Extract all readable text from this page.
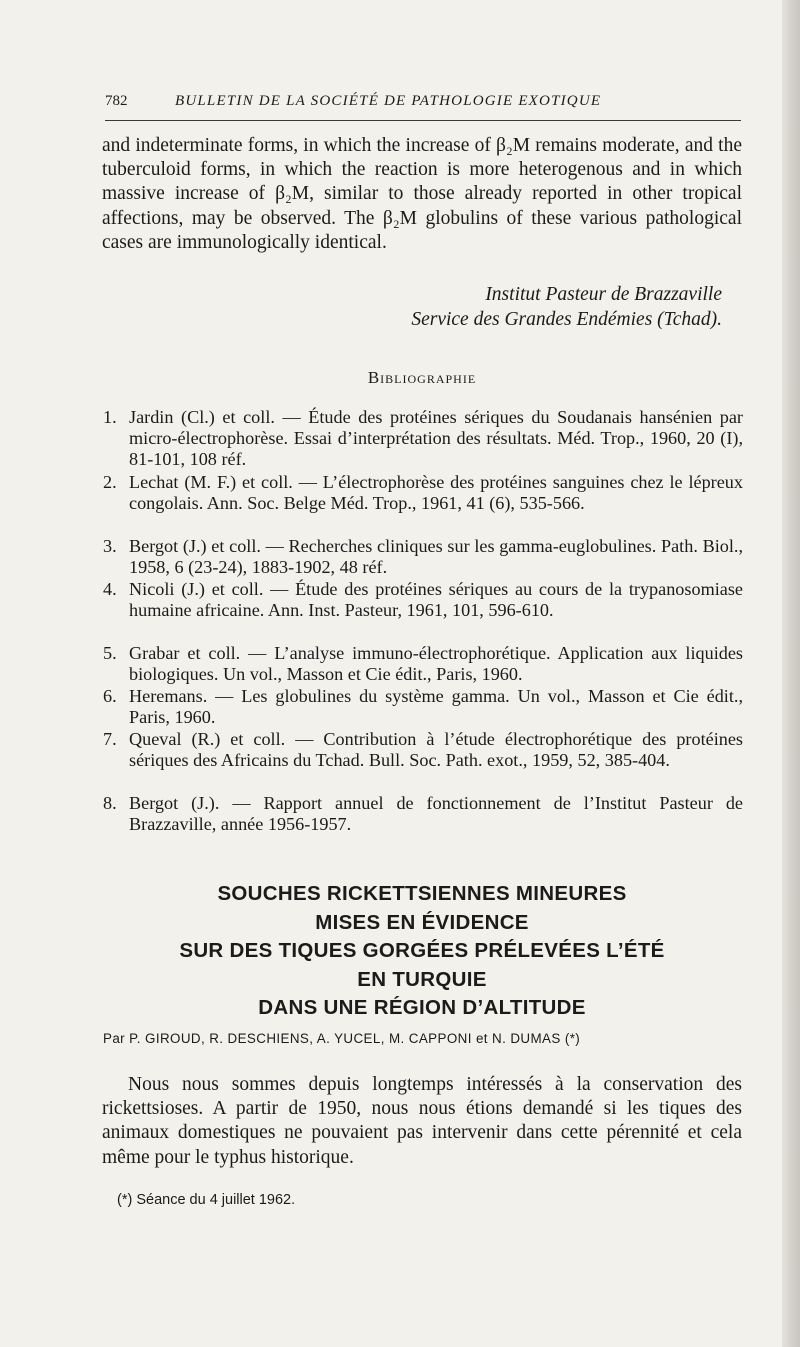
782	BULLETIN DE LA SOCIÉTÉ DE PATHOLOGIE EXOTIQUE

and indeterminate forms, in which the increase of β₂M remains moderate, and the tuberculoid forms, in which the reaction is more heterogenous and in which massive increase of β₂M, similar to those already reported in other tropical affections, may be observed. The β₂M globulins of these various pathological cases are immunologically identical.

Institut Pasteur de Brazzaville
Service des Grandes Endémies (Tchad).
Bibliographie
1. Jardin (Cl.) et coll. — Étude des protéines sériques du Soudanais hansénien par micro-électrophorèse. Essai d’interprétation des résultats. Méd. Trop., 1960, 20 (I), 81-101, 108 réf.
2. Lechat (M. F.) et coll. — L’électrophorèse des protéines sanguines chez le lépreux congolais. Ann. Soc. Belge Méd. Trop., 1961, 41 (6), 535-566.
3. Bergot (J.) et coll. — Recherches cliniques sur les gamma-euglobulines. Path. Biol., 1958, 6 (23-24), 1883-1902, 48 réf.
4. Nicoli (J.) et coll. — Étude des protéines sériques au cours de la trypanosomiase humaine africaine. Ann. Inst. Pasteur, 1961, 101, 596-610.
5. Grabar et coll. — L’analyse immuno-électrophorétique. Application aux liquides biologiques. Un vol., Masson et Cie édit., Paris, 1960.
6. Heremans. — Les globulines du système gamma. Un vol., Masson et Cie édit., Paris, 1960.
7. Queval (R.) et coll. — Contribution à l’étude électrophorétique des protéines sériques des Africains du Tchad. Bull. Soc. Path. exot., 1959, 52, 385-404.
8. Bergot (J.). — Rapport annuel de fonctionnement de l’Institut Pasteur de Brazzaville, année 1956-1957.
SOUCHES RICKETTSIENNES MINEURES
MISES EN ÉVIDENCE
SUR DES TIQUES GORGÉES PRÉLEVÉES L’ÉTÉ
EN TURQUIE
DANS UNE RÉGION D’ALTITUDE
Par P. GIROUD, R. DESCHIENS, A. YUCEL, M. CAPPONI et N. DUMAS (*)

Nous nous sommes depuis longtemps intéressés à la conservation des rickettsioses. A partir de 1950, nous nous étions demandé si les tiques des animaux domestiques ne pouvaient pas intervenir dans cette pérennité et cela même pour le typhus historique.

(*) Séance du 4 juillet 1962.
